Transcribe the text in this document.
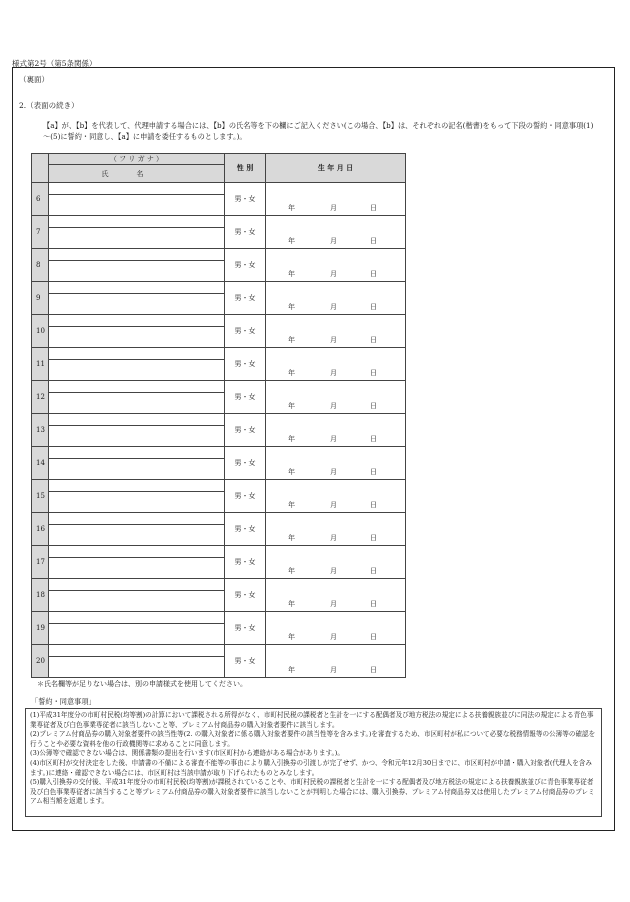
様式第2号（第5条関係）
（裏面）
2.（表面の続き）
【a】が、【b】を代表して、代理申請する場合には、【b】の氏名等を下の欄にご記入ください(この場合、【b】は、それぞれの記名(楷書)をもって下段の誓約・同意事項(1)～(5)に誓約・同意し、【a】に申請を委任するものとします。)。
	（ フ リ ガ ナ ）	性 別	生 年 月 日
	氏名		
6		男・女	年 月 日

7		男・女	年 月 日

8		男・女	年 月 日

9		男・女	年 月 日

10		男・女	年 月 日

11		男・女	年 月 日

12		男・女	年 月 日

13		男・女	年 月 日

14		男・女	年 月 日

15		男・女	年 月 日

16		男・女	年 月 日

17		男・女	年 月 日

18		男・女	年 月 日

19		男・女	年 月 日

20		男・女	年 月 日

＊氏名欄等が足りない場合は、別の申請様式を使用してください。
「誓約・同意事項」

(1)平成31年度分の市町村民税(均等割)の計算において課税される所得がなく、市町村民税の課税者と生計を一にする配偶者及び地方税法の規定による扶養親族並びに同法の規定による青色事業専従者及び白色事業専従者に該当しないこと等、プレミアム付商品券の購入対象者要件に該当します。

(2)プレミアム付商品券の購入対象者要件の該当性等(2. の購入対象者に係る購入対象者要件の該当性等を含みます。)を審査するため、市区町村が私について必要な税務情報等の公簿等の確認を行うことや必要な資料を他の行政機関等に求めることに同意します。

(3)公簿等で確認できない場合は、関係書類の提出を行います(市区町村から連絡がある場合があります。)。

(4)市区町村が交付決定をした後、申請書の不備による審査不能等の事由により購入引換券の引渡しが完了せず、かつ、令和元年12月30日までに、市区町村が申請・購入対象者(代理人を含みます。)に連絡・確認できない場合には、市区町村は当該申請が取り下げられたものとみなします。

(5)購入引換券の交付後、平成31年度分の市町村民税(均等割)が課税されていることや、市町村民税の課税者と生計を一にする配偶者及び地方税法の規定による扶養親族並びに青色事業専従者及び白色事業専従者に該当すること等プレミアム付商品券の購入対象者要件に該当しないことが判明した場合には、購入引換券、プレミアム付商品券又は使用したプレミアム付商品券のプレミアム相当額を返還します。
